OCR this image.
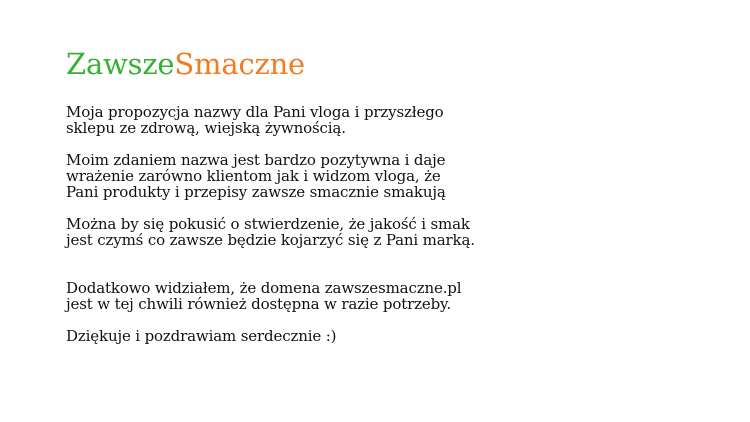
ZawszeSmaczne

Moja propozycja nazwy dla Pani vloga i przyszłego
sklepu ze zdrową, wiejską żywnością.

Moim zdaniem nazwa jest bardzo pozytywna i daje
wrażenie zarówno klientom jak i widzom vloga, że
Pani produkty i przepisy zawsze smacznie smakują

Można by się pokusić o stwierdzenie, że jakość i smak
jest czymś co zawsze będzie kojarzyć się z Pani marką.

Dodatkowo widziałem, że domena zawszesmaczne.pl
jest w tej chwili również dostępna w razie potrzeby.

Dziękuje i pozdrawiam serdecznie :)
